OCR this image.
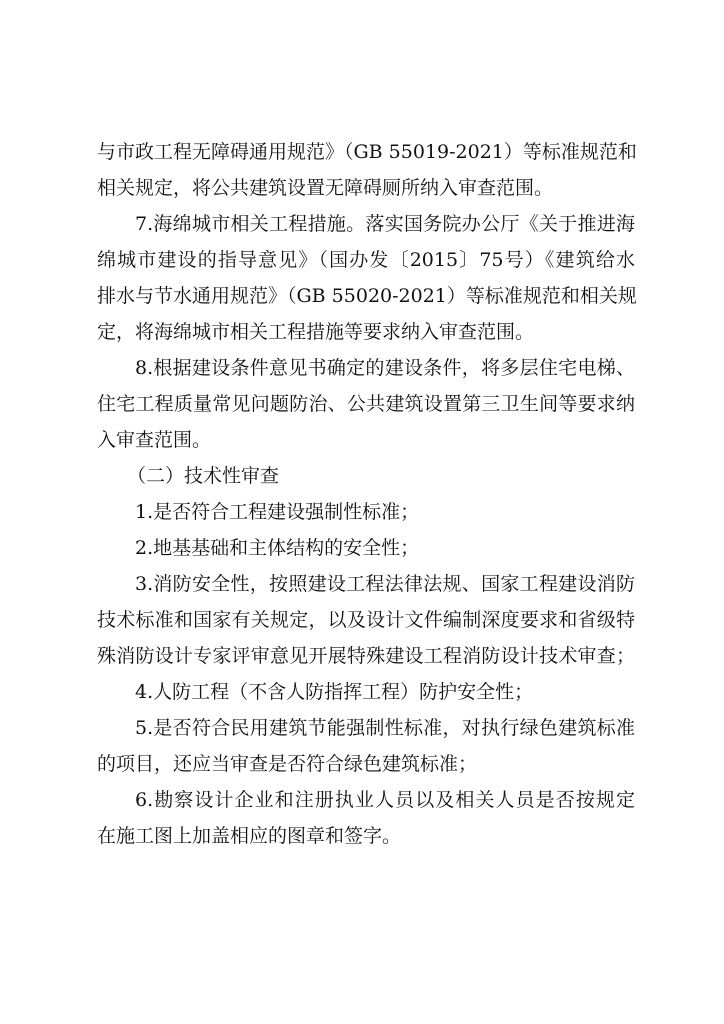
与市政工程无障碍通用规范》（GB 55019-2021）等标准规范和
相关规定，将公共建筑设置无障碍厕所纳入审查范围。
7.海绵城市相关工程措施。落实国务院办公厅《关于推进海
绵城市建设的指导意见》（国办发〔2015〕75号）《建筑给水
排水与节水通用规范》（GB 55020-2021）等标准规范和相关规
定，将海绵城市相关工程措施等要求纳入审查范围。
8.根据建设条件意见书确定的建设条件，将多层住宅电梯、
住宅工程质量常见问题防治、公共建筑设置第三卫生间等要求纳
入审查范围。
（二）技术性审查
1.是否符合工程建设强制性标准；
2.地基基础和主体结构的安全性；
3.消防安全性，按照建设工程法律法规、国家工程建设消防
技术标准和国家有关规定，以及设计文件编制深度要求和省级特
殊消防设计专家评审意见开展特殊建设工程消防设计技术审查；
4.人防工程（不含人防指挥工程）防护安全性；
5.是否符合民用建筑节能强制性标准，对执行绿色建筑标准
的项目，还应当审查是否符合绿色建筑标准；
6.勘察设计企业和注册执业人员以及相关人员是否按规定
在施工图上加盖相应的图章和签字。
